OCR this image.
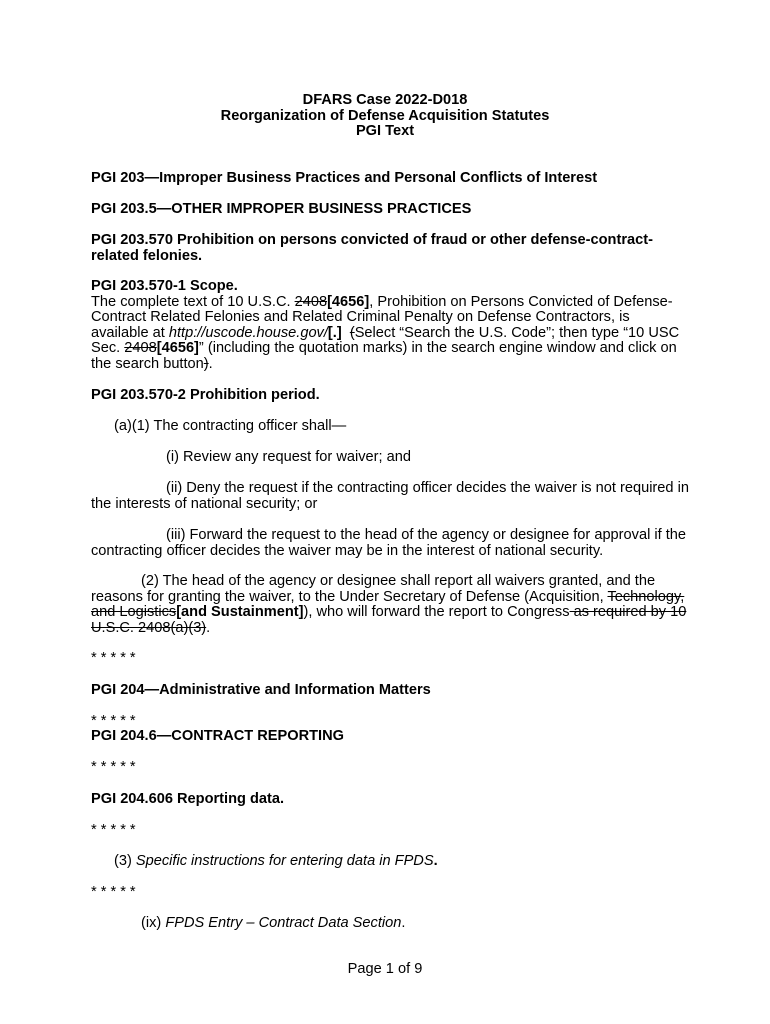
DFARS Case 2022-D018
Reorganization of Defense Acquisition Statutes
PGI Text
PGI 203—Improper Business Practices and Personal Conflicts of Interest
PGI 203.5—OTHER IMPROPER BUSINESS PRACTICES
PGI 203.570 Prohibition on persons convicted of fraud or other defense-contract-related felonies.
PGI 203.570-1 Scope.
The complete text of 10 U.S.C. 2408[4656], Prohibition on Persons Convicted of Defense-Contract Related Felonies and Related Criminal Penalty on Defense Contractors, is available at http://uscode.house.gov/[.] (Select “Search the U.S. Code”; then type “10 USC Sec. 2408[4656]” (including the quotation marks) in the search engine window and click on the search button).
PGI 203.570-2 Prohibition period.
(a)(1) The contracting officer shall—
(i) Review any request for waiver; and
(ii) Deny the request if the contracting officer decides the waiver is not required in the interests of national security; or
(iii) Forward the request to the head of the agency or designee for approval if the contracting officer decides the waiver may be in the interest of national security.
(2) The head of the agency or designee shall report all waivers granted, and the reasons for granting the waiver, to the Under Secretary of Defense (Acquisition, Technology, and Logistics[and Sustainment]), who will forward the report to Congress as required by 10 U.S.C. 2408(a)(3).
* * * * *
PGI 204—Administrative and Information Matters
* * * * *
PGI 204.6—CONTRACT REPORTING
* * * * *
PGI 204.606 Reporting data.
* * * * *
(3) Specific instructions for entering data in FPDS.
* * * * *
(ix) FPDS Entry – Contract Data Section.
Page 1 of 9
